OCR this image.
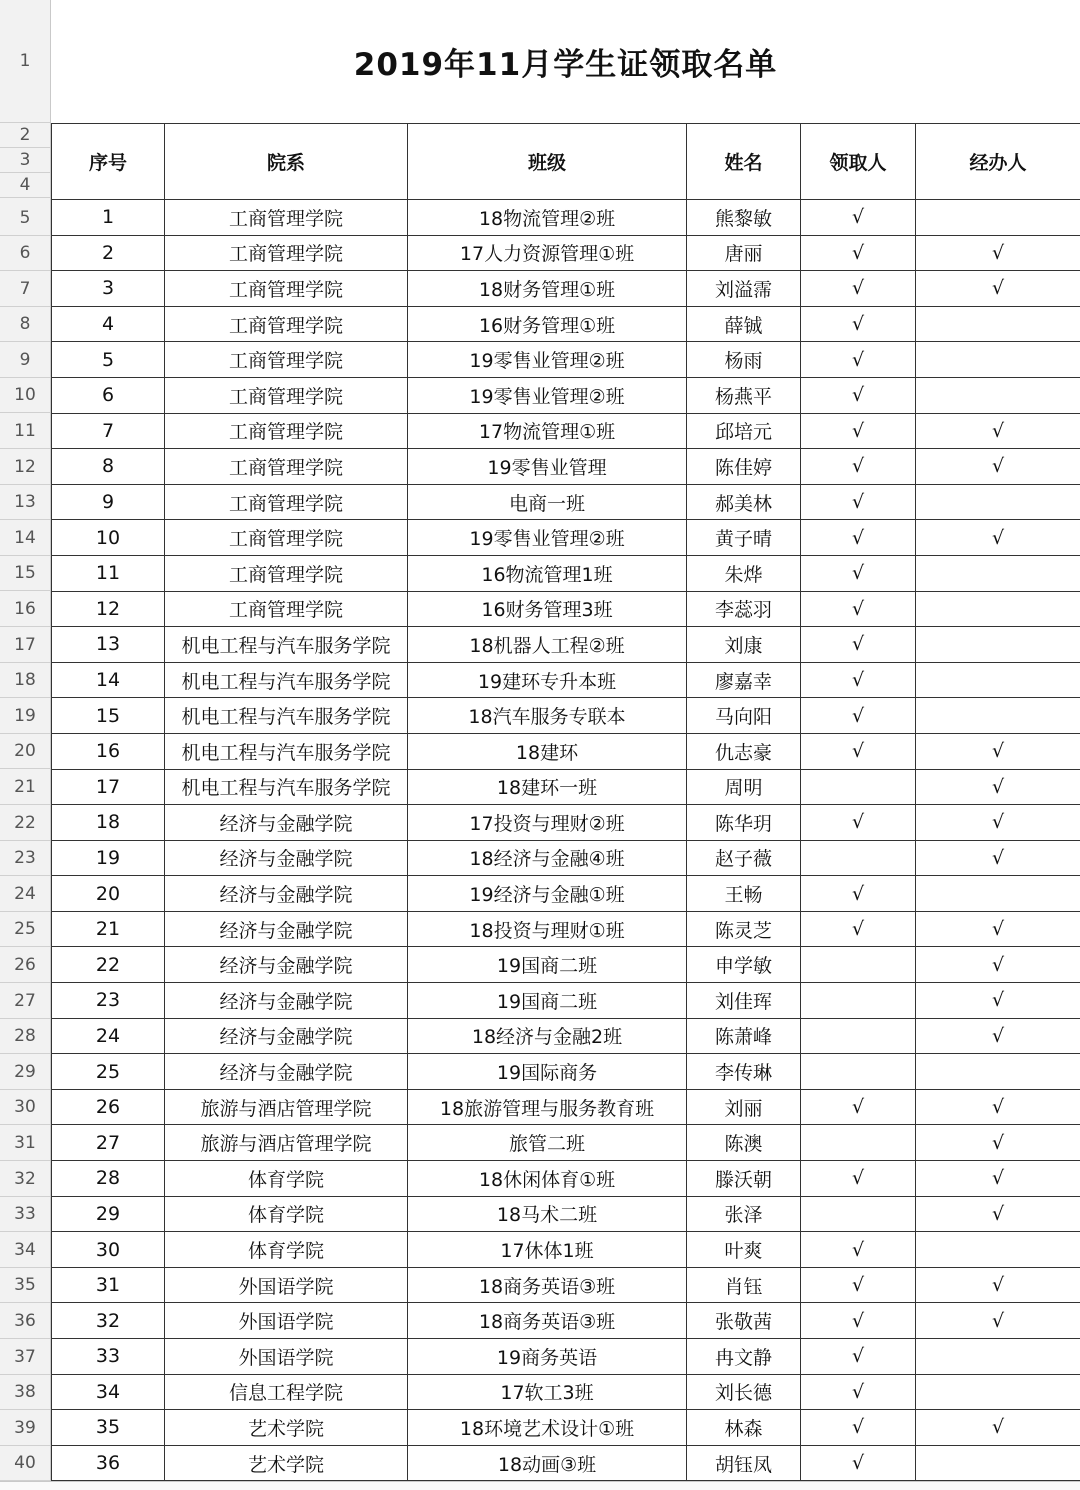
1
2
3
4
5
6
7
8
9
10
11
12
13
14
15
16
17
18
19
20
21
22
23
24
25
26
27
28
29
30
31
32
33
34
35
36
37
38
39
40
2019年11月学生证领取名单
序号	院系	班级	姓名	领取人	经办人
1	工商管理学院	18物流管理②班	熊黎敏	√	
2	工商管理学院	17人力资源管理①班	唐丽	√	√
3	工商管理学院	18财务管理①班	刘溢霈	√	√
4	工商管理学院	16财务管理①班	薛铖	√	
5	工商管理学院	19零售业管理②班	杨雨	√	
6	工商管理学院	19零售业管理②班	杨燕平	√	
7	工商管理学院	17物流管理①班	邱培元	√	√
8	工商管理学院	19零售业管理	陈佳婷	√	√
9	工商管理学院	电商一班	郝美林	√	
10	工商管理学院	19零售业管理②班	黄子晴	√	√
11	工商管理学院	16物流管理1班	朱烨	√	
12	工商管理学院	16财务管理3班	李蕊羽	√	
13	机电工程与汽车服务学院	18机器人工程②班	刘康	√	
14	机电工程与汽车服务学院	19建环专升本班	廖嘉幸	√	
15	机电工程与汽车服务学院	18汽车服务专联本	马向阳	√	
16	机电工程与汽车服务学院	18建环	仇志豪	√	√
17	机电工程与汽车服务学院	18建环一班	周明		√
18	经济与金融学院	17投资与理财②班	陈华玥	√	√
19	经济与金融学院	18经济与金融④班	赵子薇		√
20	经济与金融学院	19经济与金融①班	王畅	√	
21	经济与金融学院	18投资与理财①班	陈灵芝	√	√
22	经济与金融学院	19国商二班	申学敏		√
23	经济与金融学院	19国商二班	刘佳珲		√
24	经济与金融学院	18经济与金融2班	陈萧峰		√
25	经济与金融学院	19国际商务	李传琳		
26	旅游与酒店管理学院	18旅游管理与服务教育班	刘丽	√	√
27	旅游与酒店管理学院	旅管二班	陈澳		√
28	体育学院	18休闲体育①班	滕沃朝	√	√
29	体育学院	18马术二班	张泽		√
30	体育学院	17休体1班	叶爽	√	
31	外国语学院	18商务英语③班	肖钰	√	√
32	外国语学院	18商务英语③班	张敬茜	√	√
33	外国语学院	19商务英语	冉文静	√	
34	信息工程学院	17软工3班	刘长德	√	
35	艺术学院	18环境艺术设计①班	林森	√	√
36	艺术学院	18动画③班	胡钰凤	√	
